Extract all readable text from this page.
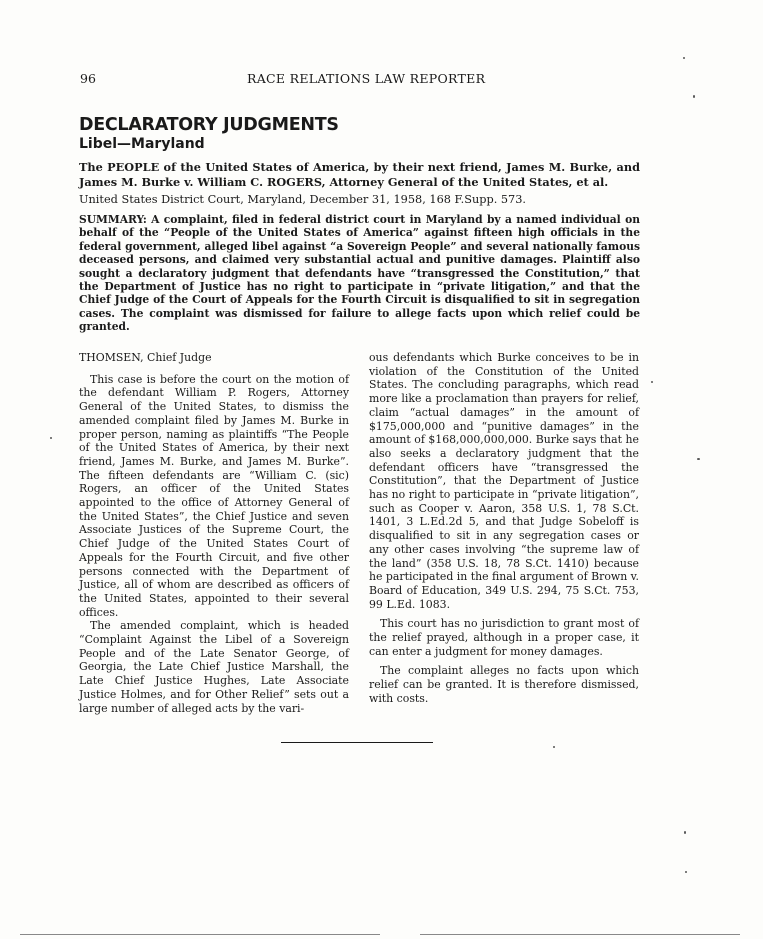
96	RACE RELATIONS LAW REPORTER
DECLARATORY JUDGMENTS
Libel—Maryland
The PEOPLE of the United States of America, by their next friend, James M. Burke, and James M. Burke v. William C. ROGERS, Attorney General of the United States, et al.
United States District Court, Maryland, December 31, 1958, 168 F.Supp. 573.

SUMMARY: A complaint, filed in federal district court in Maryland by a named individual on behalf of the “People of the United States of America” against fifteen high officials in the federal government, alleged libel against “a Sovereign People” and several nationally famous deceased persons, and claimed very substantial actual and punitive damages. Plaintiff also sought a declaratory judgment that defendants have “transgressed the Constitution,” that the Department of Justice has no right to participate in “private litigation,” and that the Chief Judge of the Court of Appeals for the Fourth Circuit is disqualified to sit in segregation cases. The complaint was dismissed for failure to allege facts upon which relief could be granted.

THOMSEN, Chief Judge

This case is before the court on the motion of the defendant William P. Rogers, Attorney General of the United States, to dismiss the amended complaint filed by James M. Burke in proper person, naming as plaintiffs “The People of the United States of America, by their next friend, James M. Burke, and James M. Burke”. The fifteen defendants are “William C. (sic) Rogers, an officer of the United States appointed to the office of Attorney General of the United States”, the Chief Justice and seven Associate Justices of the Supreme Court, the Chief Judge of the United States Court of Appeals for the Fourth Circuit, and five other persons connected with the Department of Justice, all of whom are described as officers of the United States, appointed to their several offices.

The amended complaint, which is headed “Complaint Against the Libel of a Sovereign People and of the Late Senator George, of Georgia, the Late Chief Justice Marshall, the Late Chief Justice Hughes, Late Associate Justice Holmes, and for Other Relief” sets out a large number of alleged acts by the vari-

ous defendants which Burke conceives to be in violation of the Constitution of the United States. The concluding paragraphs, which read more like a proclamation than prayers for relief, claim “actual damages” in the amount of $175,000,000 and “punitive damages” in the amount of $168,000,000,000. Burke says that he also seeks a declaratory judgment that the defendant officers have “transgressed the Constitution”, that the Department of Justice has no right to participate in “private litigation”, such as Cooper v. Aaron, 358 U.S. 1, 78 S.Ct. 1401, 3 L.Ed.2d 5, and that Judge Sobeloff is disqualified to sit in any segregation cases or any other cases involving “the supreme law of the land” (358 U.S. 18, 78 S.Ct. 1410) because he participated in the final argument of Brown v. Board of Education, 349 U.S. 294, 75 S.Ct. 753, 99 L.Ed. 1083.

This court has no jurisdiction to grant most of the relief prayed, although in a proper case, it can enter a judgment for money damages.

The complaint alleges no facts upon which relief can be granted. It is therefore dismissed, with costs.
